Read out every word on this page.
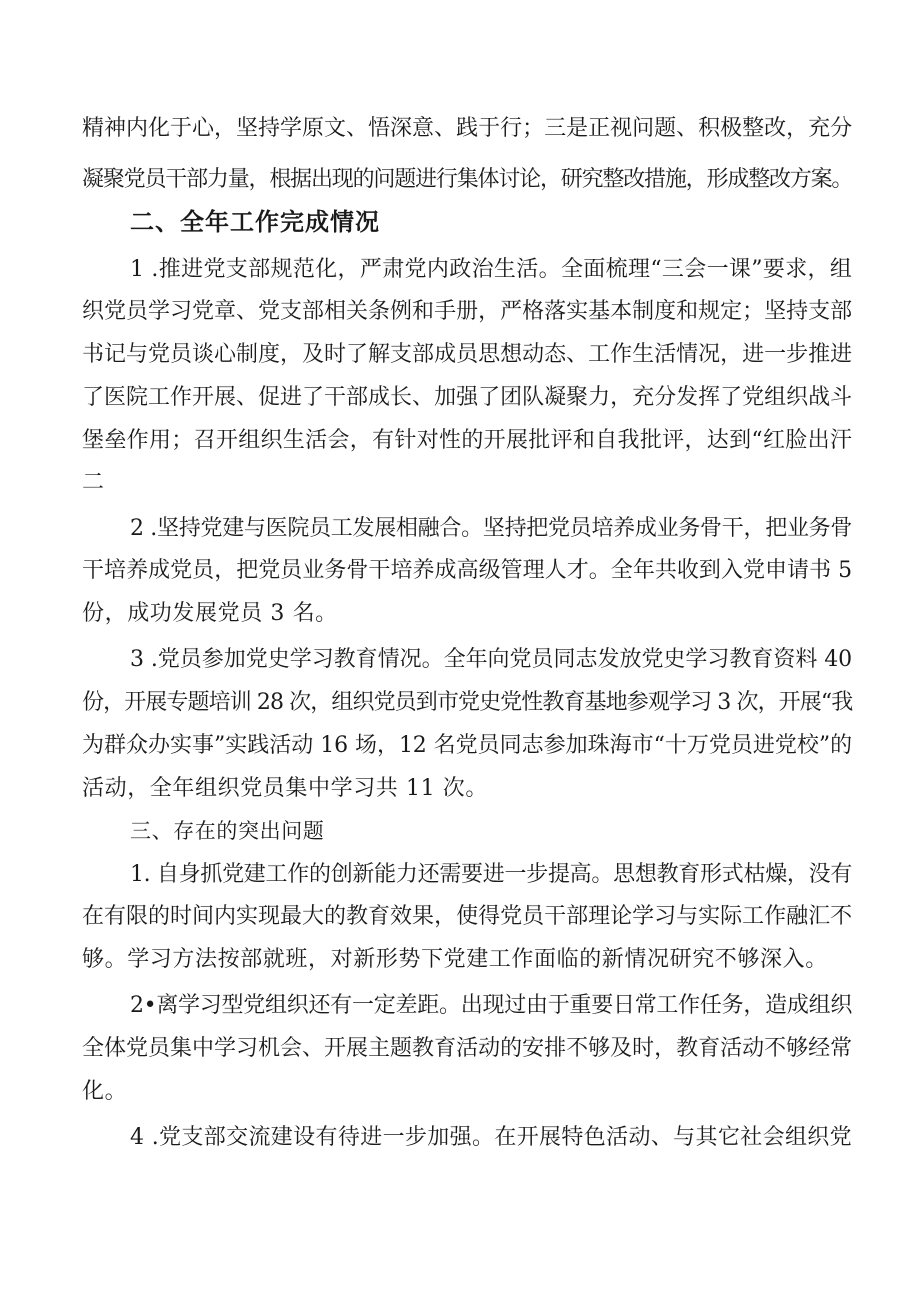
精神内化于心，坚持学原文、悟深意、践于行；三是正视问题、积极整改，充分
凝聚党员干部力量，根据出现的问题进行集体讨论，研究整改措施，形成整改方案。
二、全年工作完成情况
1 .推进党支部规范化，严肃党内政治生活。全面梳理“三会一课”要求，组
织党员学习党章、党支部相关条例和手册，严格落实基本制度和规定；坚持支部
书记与党员谈心制度，及时了解支部成员思想动态、工作生活情况，进一步推进
了医院工作开展、促进了干部成长、加强了团队凝聚力，充分发挥了党组织战斗
堡垒作用；召开组织生活会，有针对性的开展批评和自我批评，达到“红脸出汗
二
2 .坚持党建与医院员工发展相融合。坚持把党员培养成业务骨干，把业务骨
干培养成党员，把党员业务骨干培养成高级管理人才。全年共收到入党申请书 5
份，成功发展党员 3 名。
3 .党员参加党史学习教育情况。全年向党员同志发放党史学习教育资料 40
份，开展专题培训 28 次，组织党员到市党史党性教育基地参观学习 3 次，开展“我
为群众办实事”实践活动 16 场，12 名党员同志参加珠海市“十万党员进党校”的
活动，全年组织党员集中学习共 11 次。
三、存在的突出问题
1. 自身抓党建工作的创新能力还需要进一步提高。思想教育形式枯燥，没有
在有限的时间内实现最大的教育效果，使得党员干部理论学习与实际工作融汇不
够。学习方法按部就班，对新形势下党建工作面临的新情况研究不够深入。
2•离学习型党组织还有一定差距。出现过由于重要日常工作任务，造成组织
全体党员集中学习机会、开展主题教育活动的安排不够及时，教育活动不够经常
化。
4 .党支部交流建设有待进一步加强。在开展特色活动、与其它社会组织党
